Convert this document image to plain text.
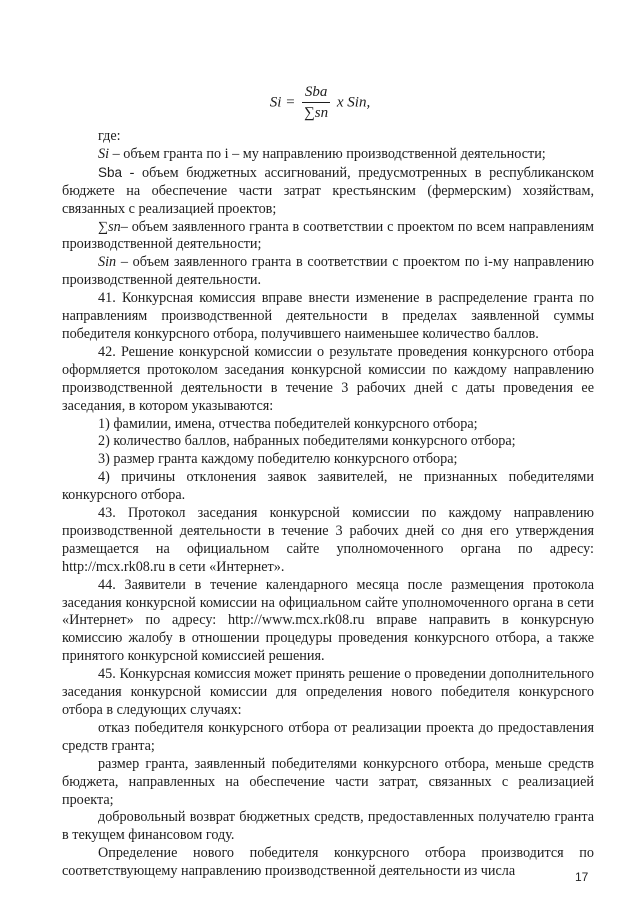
$Si = \frac{\text{Sba}}{\sum sn}$ x Sin,

где:

Si – объем гранта по i – му направлению производственной деятельности;

Sba - объем бюджетных ассигнований, предусмотренных в республиканском бюджете на обеспечение части затрат крестьянским (фермерским) хозяйствам, связанных с реализацией проектов;

∑sn– объем заявленного гранта в соответствии с проектом по всем направлениям производственной деятельности;

Sin – объем заявленного гранта в соответствии с проектом по i-му направлению производственной деятельности.

41. Конкурсная комиссия вправе внести изменение в распределение гранта по направлениям производственной деятельности в пределах заявленной суммы победителя конкурсного отбора, получившего наименьшее количество баллов.

42. Решение конкурсной комиссии о результате проведения конкурсного отбора оформляется протоколом заседания конкурсной комиссии по каждому направлению производственной деятельности в течение 3 рабочих дней с даты проведения ее заседания, в котором указываются:

1) фамилии, имена, отчества победителей конкурсного отбора;

2) количество баллов, набранных победителями конкурсного отбора;

3) размер гранта каждому победителю конкурсного отбора;

4) причины отклонения заявок заявителей, не признанных победителями конкурсного отбора.

43. Протокол заседания конкурсной комиссии по каждому направлению производственной деятельности в течение 3 рабочих дней со дня его утверждения размещается на официальном сайте уполномоченного органа по адресу: http://mcx.rk08.ru в сети «Интернет».

44. Заявители в течение календарного месяца после размещения протокола заседания конкурсной комиссии на официальном сайте уполномоченного органа в сети «Интернет» по адресу: http://www.mcx.rk08.ru вправе направить в конкурсную комиссию жалобу в отношении процедуры проведения конкурсного отбора, а также принятого конкурсной комиссией решения.

45. Конкурсная комиссия может принять решение о проведении дополнительного заседания конкурсной комиссии для определения нового победителя конкурсного отбора в следующих случаях:

отказ победителя конкурсного отбора от реализации проекта до предоставления средств гранта;

размер гранта, заявленный победителями конкурсного отбора, меньше средств бюджета, направленных на обеспечение части затрат, связанных с реализацией проекта;

добровольный возврат бюджетных средств, предоставленных получателю гранта в текущем финансовом году.

Определение нового победителя конкурсного отбора производится по соответствующему направлению производственной деятельности из числа	17
